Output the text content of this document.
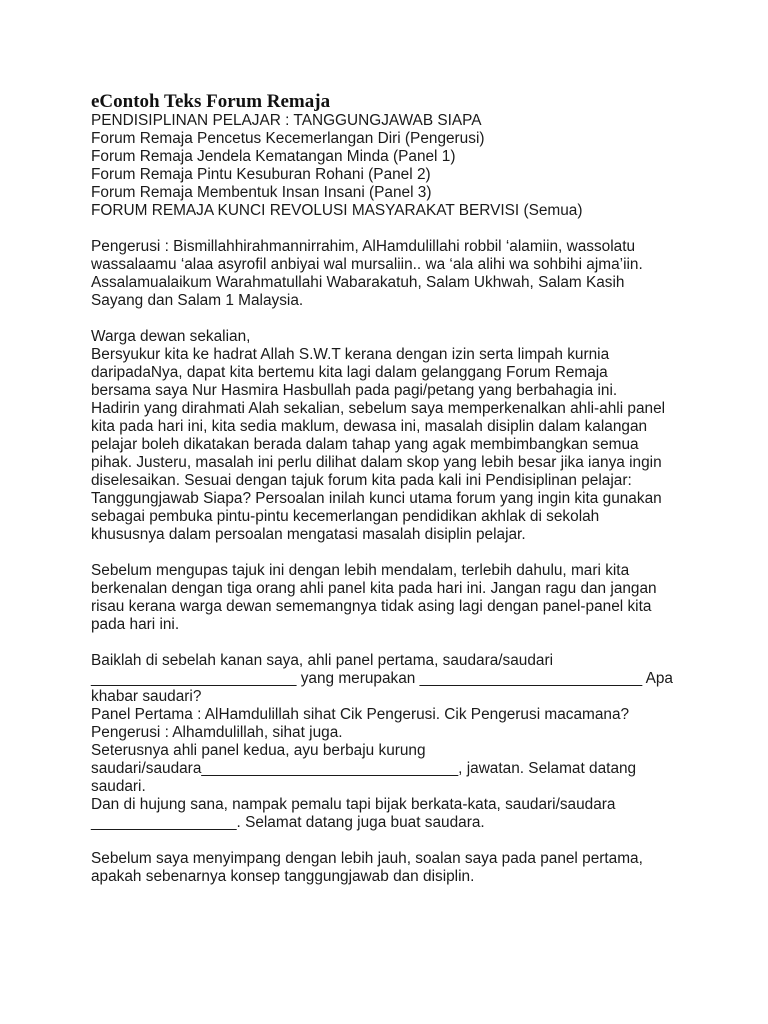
eContoh Teks Forum Remaja
PENDISIPLINAN PELAJAR : TANGGUNGJAWAB SIAPA
Forum Remaja Pencetus Kecemerlangan Diri (Pengerusi)
Forum Remaja Jendela Kematangan Minda (Panel 1)
Forum Remaja Pintu Kesuburan Rohani (Panel 2)
Forum Remaja Membentuk Insan Insani (Panel 3)
FORUM REMAJA KUNCI REVOLUSI MASYARAKAT BERVISI (Semua)
Pengerusi : Bismillahhirahmannirrahim, AlHamdulillahi robbil ‘alamiin, wassolatu
wassalaamu ‘alaa asyrofil anbiyai wal mursaliin.. wa ‘ala alihi wa sohbihi ajma’iin.
Assalamualaikum Warahmatullahi Wabarakatuh, Salam Ukhwah, Salam Kasih
Sayang dan Salam 1 Malaysia.
Warga dewan sekalian,
Bersyukur kita ke hadrat Allah S.W.T kerana dengan izin serta limpah kurnia
daripadaNya, dapat kita bertemu kita lagi dalam gelanggang Forum Remaja
bersama saya Nur Hasmira Hasbullah pada pagi/petang yang berbahagia ini.
Hadirin yang dirahmati Alah sekalian, sebelum saya memperkenalkan ahli-ahli panel
kita pada hari ini, kita sedia maklum, dewasa ini, masalah disiplin dalam kalangan
pelajar boleh dikatakan berada dalam tahap yang agak membimbangkan semua
pihak. Justeru, masalah ini perlu dilihat dalam skop yang lebih besar jika ianya ingin
diselesaikan. Sesuai dengan tajuk forum kita pada kali ini Pendisiplinan pelajar:
Tanggungjawab Siapa? Persoalan inilah kunci utama forum yang ingin kita gunakan
sebagai pembuka pintu-pintu kecemerlangan pendidikan akhlak di sekolah
khususnya dalam persoalan mengatasi masalah disiplin pelajar.
Sebelum mengupas tajuk ini dengan lebih mendalam, terlebih dahulu, mari kita
berkenalan dengan tiga orang ahli panel kita pada hari ini. Jangan ragu dan jangan
risau kerana warga dewan sememangnya tidak asing lagi dengan panel-panel kita
pada hari ini.
Baiklah di sebelah kanan saya, ahli panel pertama, saudara/saudari
________________________ yang merupakan __________________________ Apa
khabar saudari?
Panel Pertama : AlHamdulillah sihat Cik Pengerusi. Cik Pengerusi macamana?
Pengerusi : Alhamdulillah, sihat juga.
Seterusnya ahli panel kedua, ayu berbaju kurung
saudari/saudara______________________________, jawatan. Selamat datang
saudari.
Dan di hujung sana, nampak pemalu tapi bijak berkata-kata, saudari/saudara
_________________. Selamat datang juga buat saudara.
Sebelum saya menyimpang dengan lebih jauh, soalan saya pada panel pertama,
apakah sebenarnya konsep tanggungjawab dan disiplin.
